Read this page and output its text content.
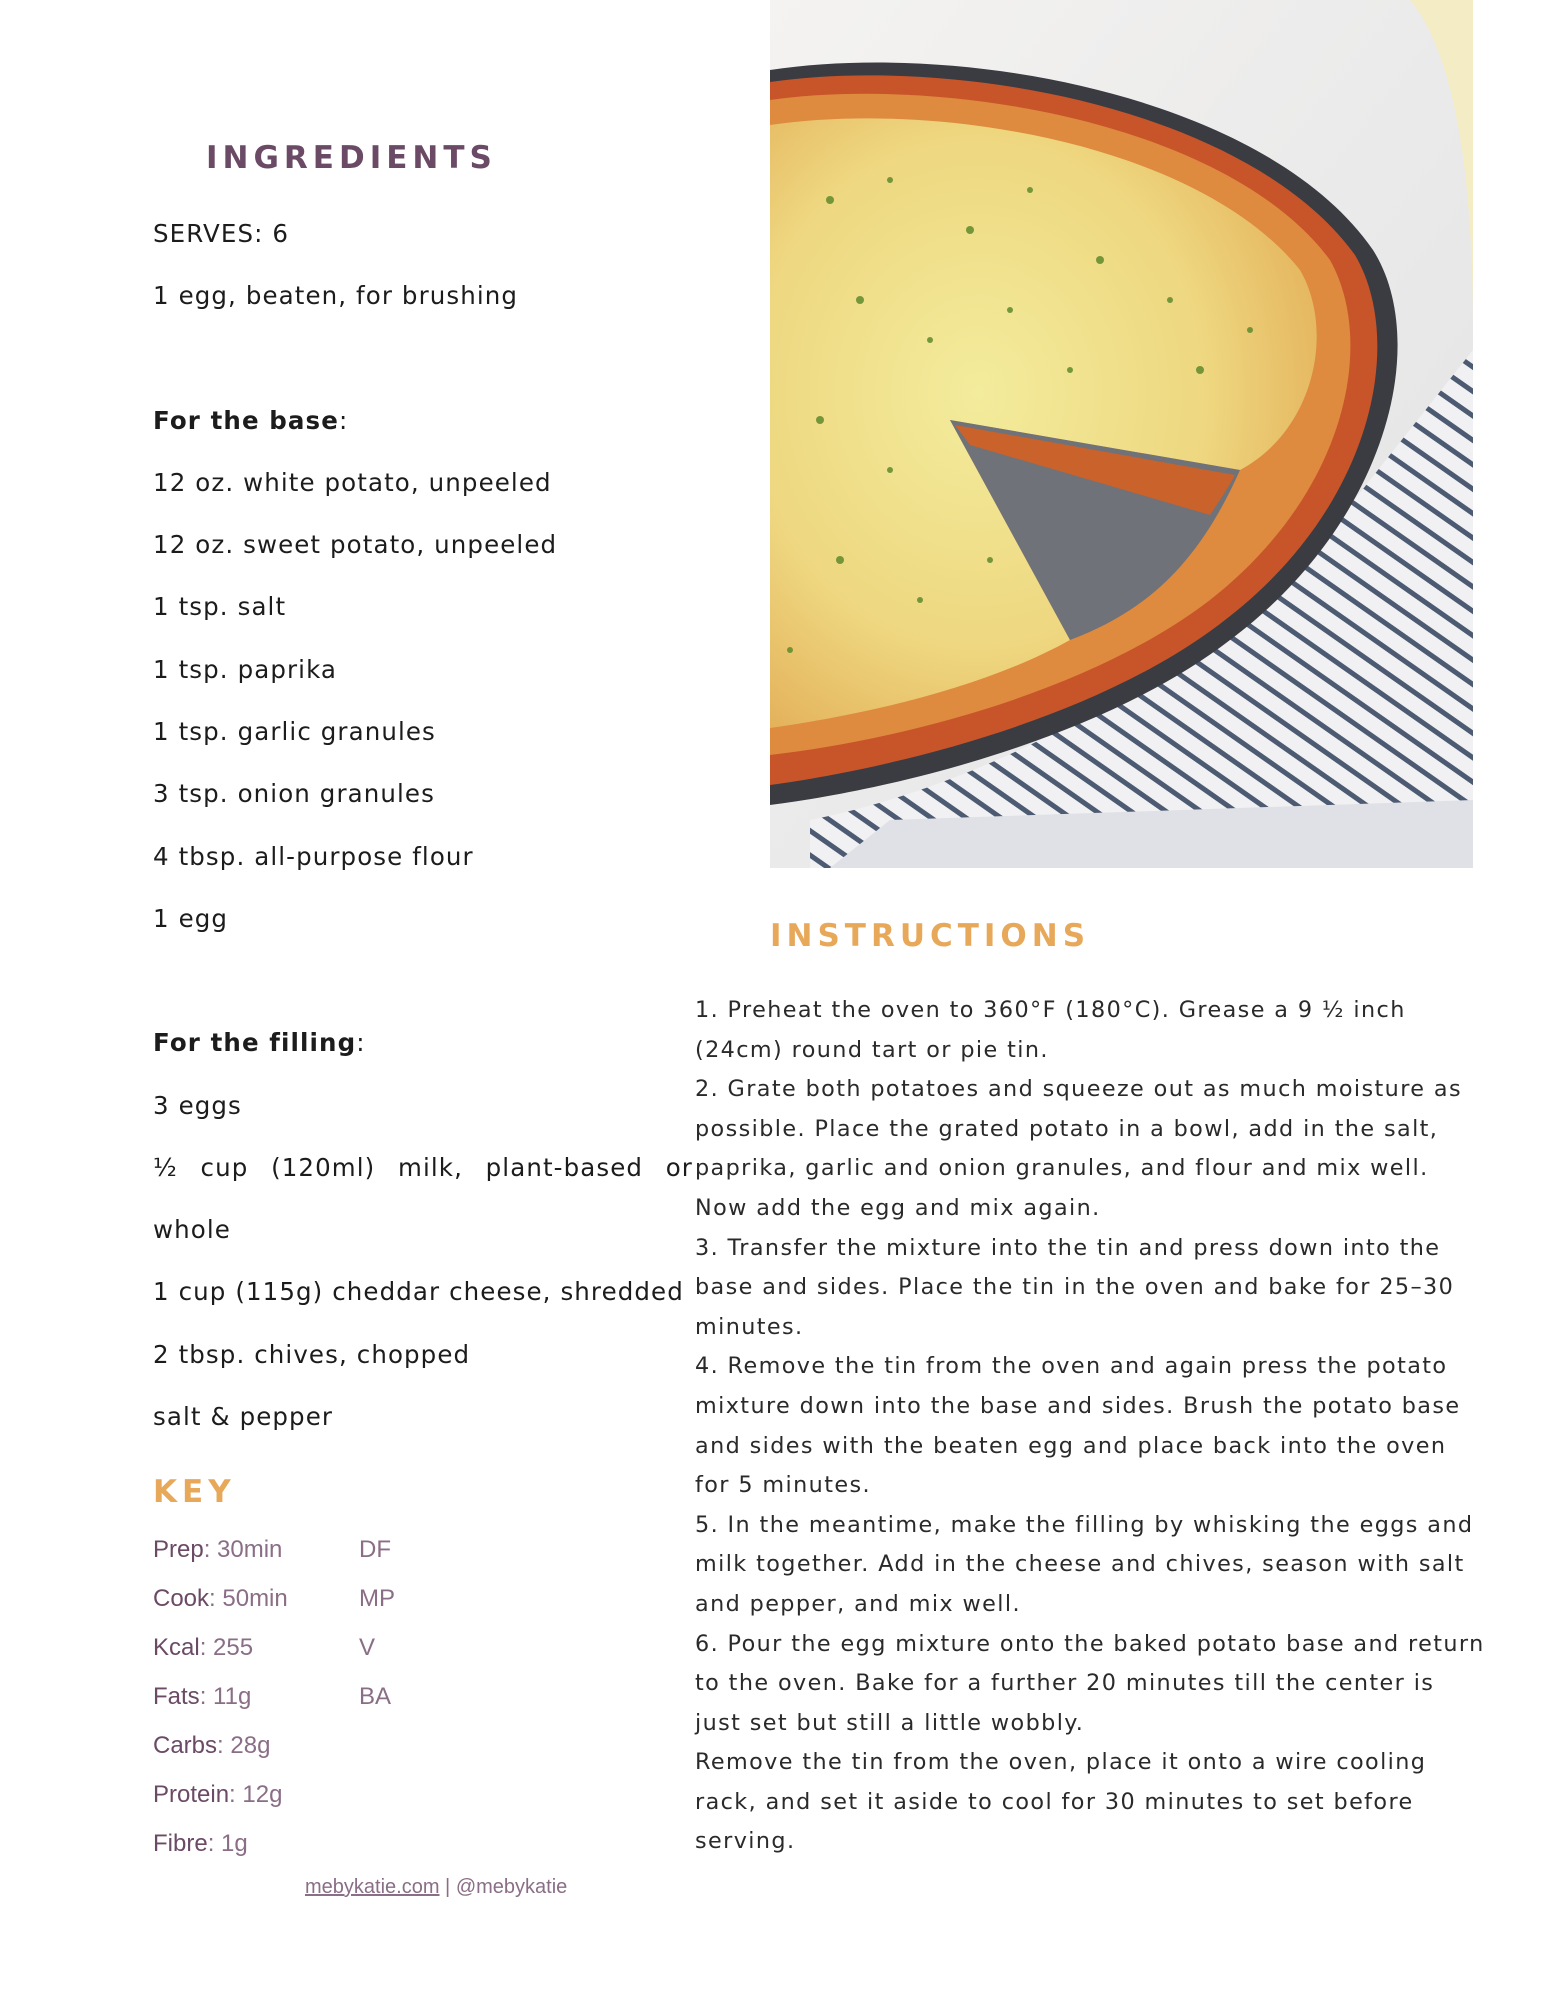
INGREDIENTS
SERVES: 6
1 egg, beaten, for brushing
For the base:
12 oz. white potato, unpeeled
12 oz. sweet potato, unpeeled
1 tsp. salt
1 tsp. paprika
1 tsp. garlic granules
3 tsp. onion granules
4 tbsp. all-purpose flour
1 egg
For the filling:
3 eggs
½ cup (120ml) milk, plant-based or
whole
1 cup (115g) cheddar cheese, shredded
2 tbsp. chives, chopped
salt & pepper
KEY
Prep: 30min	DF
Cook: 50min	MP
Kcal: 255	V
Fats: 11g	BA
Carbs: 28g
Protein: 12g
Fibre: 1g
INSTRUCTIONS

1. Preheat the oven to 360°F (180°C). Grease a 9 ½ inch (24cm) round tart or pie tin.

2. Grate both potatoes and squeeze out as much moisture as possible. Place the grated potato in a bowl, add in the salt, paprika, garlic and onion granules, and flour and mix well. Now add the egg and mix again.

3. Transfer the mixture into the tin and press down into the base and sides. Place the tin in the oven and bake for 25–30 minutes.

4. Remove the tin from the oven and again press the potato mixture down into the base and sides. Brush the potato base and sides with the beaten egg and place back into the oven for 5 minutes.

5. In the meantime, make the filling by whisking the eggs and milk together. Add in the cheese and chives, season with salt and pepper, and mix well.

6. Pour the egg mixture onto the baked potato base and return to the oven. Bake for a further 20 minutes till the center is just set but still a little wobbly.

Remove the tin from the oven, place it onto a wire cooling rack, and set it aside to cool for 30 minutes to set before serving.

mebykatie.com | @mebykatie
